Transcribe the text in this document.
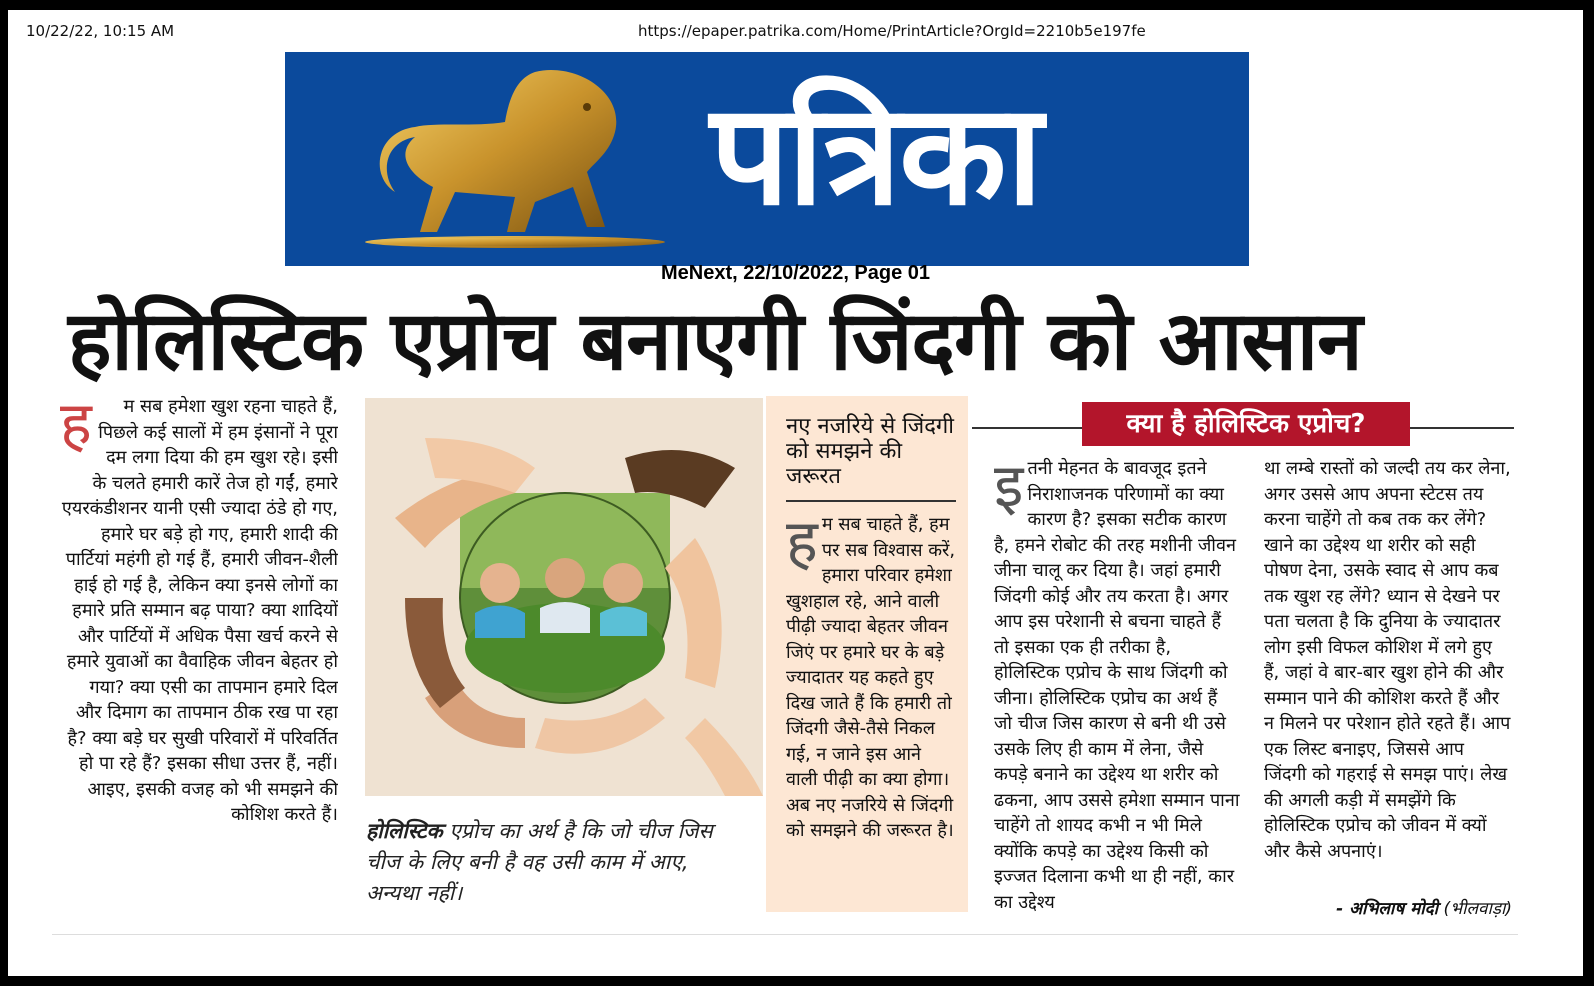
10/22/22, 10:15 AM	https://epaper.patrika.com/Home/PrintArticle?OrgId=2210b5e197fe
पत्रिका
MeNext, 22/10/2022, Page 01
होलिस्टिक एप्रोच बनाएगी जिंदगी को आसान
ह म सब हमेशा खुश रहना चाहते हैं, पिछले कई सालों में हम इंसानों ने पूरा दम लगा दिया की हम खुश रहे। इसी के चलते हमारी कारें तेज हो गईं, हमारे एयरकंडीशनर यानी एसी ज्यादा ठंडे हो गए, हमारे घर बड़े हो गए, हमारी शादी की पार्टियां महंगी हो गई हैं, हमारी जीवन-शैली हाई हो गई है, लेकिन क्या इनसे लोगों का हमारे प्रति सम्मान बढ़ पाया? क्या शादियों और पार्टियों में अधिक पैसा खर्च करने से हमारे युवाओं का वैवाहिक जीवन बेहतर हो गया? क्या एसी का तापमान हमारे दिल और दिमाग का तापमान ठीक रख पा रहा है? क्या बड़े घर सुखी परिवारों में परिवर्तित हो पा रहे हैं? इसका सीधा उत्तर हैं, नहीं। आइए, इसकी वजह को भी समझने की कोशिश करते हैं।
होलिस्टिक एप्रोच का अर्थ है कि जो चीज जिस चीज के लिए बनी है वह उसी काम में आए, अन्यथा नहीं।
नए नजरिये से जिंदगी को समझने की जरूरत
हम सब चाहते हैं, हम पर सब विश्वास करें, हमारा परिवार हमेशा खुशहाल रहे, आने वाली पीढ़ी ज्यादा बेहतर जीवन जिएं पर हमारे घर के बड़े ज्यादातर यह कहते हुए दिख जाते हैं कि हमारी तो जिंदगी जैसे-तैसे निकल गई, न जाने इस आने वाली पीढ़ी का क्या होगा। अब नए नजरिये से जिंदगी को समझने की जरूरत है।
क्या है होलिस्टिक एप्रोच?
इतनी मेहनत के बावजूद इतने निराशाजनक परिणामों का क्या कारण है? इसका सटीक कारण है, हमने रोबोट की तरह मशीनी जीवन जीना चालू कर दिया है। जहां हमारी जिंदगी कोई और तय करता है। अगर आप इस परेशानी से बचना चाहते हैं तो इसका एक ही तरीका है, होलिस्टिक एप्रोच के साथ जिंदगी को जीना। होलिस्टिक एप्रोच का अर्थ हैं जो चीज जिस कारण से बनी थी उसे उसके लिए ही काम में लेना, जैसे कपड़े बनाने का उद्देश्य था शरीर को ढकना, आप उससे हमेशा सम्मान पाना चाहेंगे तो शायद कभी न भी मिले क्योंकि कपड़े का उद्देश्य किसी को इज्जत दिलाना कभी था ही नहीं, कार का उद्देश्य
था लम्बे रास्तों को जल्दी तय कर लेना, अगर उससे आप अपना स्टेटस तय करना चाहेंगे तो कब तक कर लेंगे? खाने का उद्देश्य था शरीर को सही पोषण देना, उसके स्वाद से आप कब तक खुश रह लेंगे? ध्यान से देखने पर पता चलता है कि दुनिया के ज्यादातर लोग इसी विफल कोशिश में लगे हुए हैं, जहां वे बार-बार खुश होने की और सम्मान पाने की कोशिश करते हैं और न मिलने पर परेशान होते रहते हैं। आप एक लिस्ट बनाइए, जिससे आप जिंदगी को गहराई से समझ पाएं। लेख की अगली कड़ी में समझेंगे कि होलिस्टिक एप्रोच को जीवन में क्यों और कैसे अपनाएं।
- अभिलाष मोदी (भीलवाड़ा)
